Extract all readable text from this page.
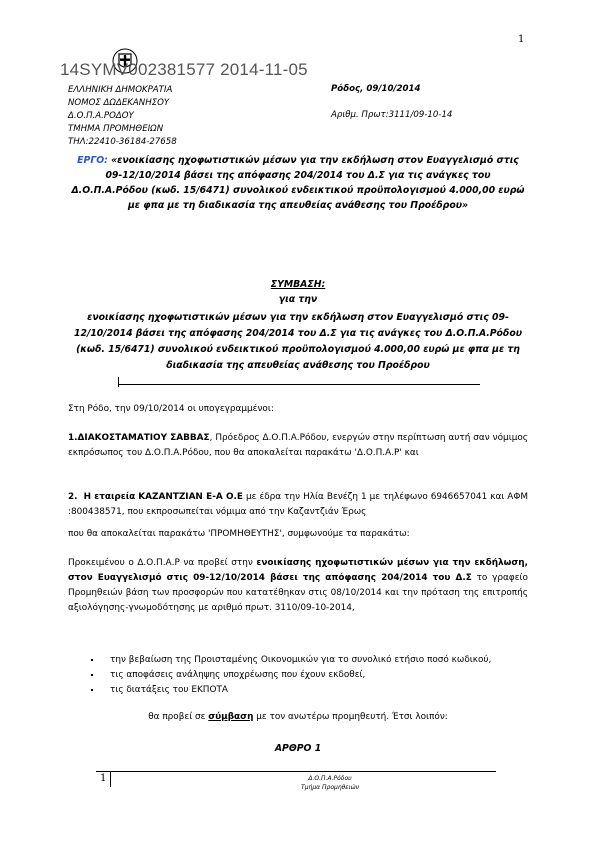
1
14SYMV002381577 2014-11-05
ΕΛΛΗΝΙΚΗ ΔΗΜΟΚΡΑΤΙΑ
ΝΟΜΟΣ ΔΩΔΕΚΑΝΗΣΟΥ
Δ.Ο.Π.Α.ΡΟΔΟΥ
ΤΜΗΜΑ ΠΡΟΜΗΘΕΙΩΝ
ΤΗΛ:22410-36184-27658
Ρόδος, 09/10/2014
Αριθμ. Πρωτ:3111/09-10-14
ΕΡΓΟ: «ενοικίασης ηχοφωτιστικών μέσων για την εκδήλωση στον Ευαγγελισμό στις 09-12/10/2014 βάσει της απόφασης 204/2014 του Δ.Σ για τις ανάγκες του Δ.Ο.Π.Α.Ρόδου (κωδ. 15/6471) συνολικού ενδεικτικού προϋπολογισμού 4.000,00 ευρώ με φπα με τη διαδικασία της απευθείας ανάθεσης του Προέδρου»
ΣΥΜΒΑΣΗ:
για την
ενοικίασης ηχοφωτιστικών μέσων για την εκδήλωση στον Ευαγγελισμό στις 09-12/10/2014 βάσει της απόφασης 204/2014 του Δ.Σ για τις ανάγκες του Δ.Ο.Π.Α.Ρόδου (κωδ. 15/6471) συνολικού ενδεικτικού προϋπολογισμού 4.000,00 ευρώ με φπα με τη διαδικασία της απευθείας ανάθεσης του Προέδρου
Στη Ρόδο, την 09/10/2014 οι υπογεγραμμένοι:
1.ΔΙΑΚΟΣΤΑΜΑΤΙΟΥ ΣΑΒΒΑΣ, Πρόεδρος Δ.Ο.Π.Α.Ρόδου, ενεργών στην περίπτωση αυτή σαν νόμιμος εκπρόσωπος του Δ.Ο.Π.Α.Ρόδου, που θα αποκαλείται παρακάτω 'Δ.Ο.Π.Α.Ρ' και
2. Η εταιρεία ΚΑΖΑΝΤΖΙΑΝ Ε-Α Ο.Ε με έδρα την Ηλία Βενέζη 1 με τηλέφωνο 6946657041 και ΑΦΜ :800438571, που εκπροσωπείται νόμιμα από την Καζαντζιάν Έρως
που θα αποκαλείται παρακάτω 'ΠΡΟΜΗΘΕΥΤΗΣ', συμφωνούμε τα παρακάτω:
Προκειμένου ο Δ.Ο.Π.Α.Ρ να προβεί στην ενοικίασης ηχοφωτιστικών μέσων για την εκδήλωση, στον Ευαγγελισμό στις 09-12/10/2014 βάσει της απόφασης 204/2014 του Δ.Σ το γραφείο Προμηθειών βάση των προσφορών που κατατέθηκαν στις 08/10/2014 και την πρόταση της επιτροπής αξιολόγησης-γνωμοδότησης με αριθμό πρωτ. 3110/09-10-2014,
▪ την βεβαίωση της Προισταμένης Οικονομικών για το συνολικό ετήσιο ποσό κωδικού,
▪ τις αποφάσεις ανάληψης υποχρέωσης που έχουν εκδοθεί,
▪ τις διατάξεις του ΕΚΠΟΤΑ
θα προβεί σε σύμβαση με τον ανωτέρω προμηθευτή. Έτσι λοιπόν:
ΑΡΘΡΟ 1
1	Δ.Ο.Π.Α.Ρόδου
Τμήμα Προμηθειών
